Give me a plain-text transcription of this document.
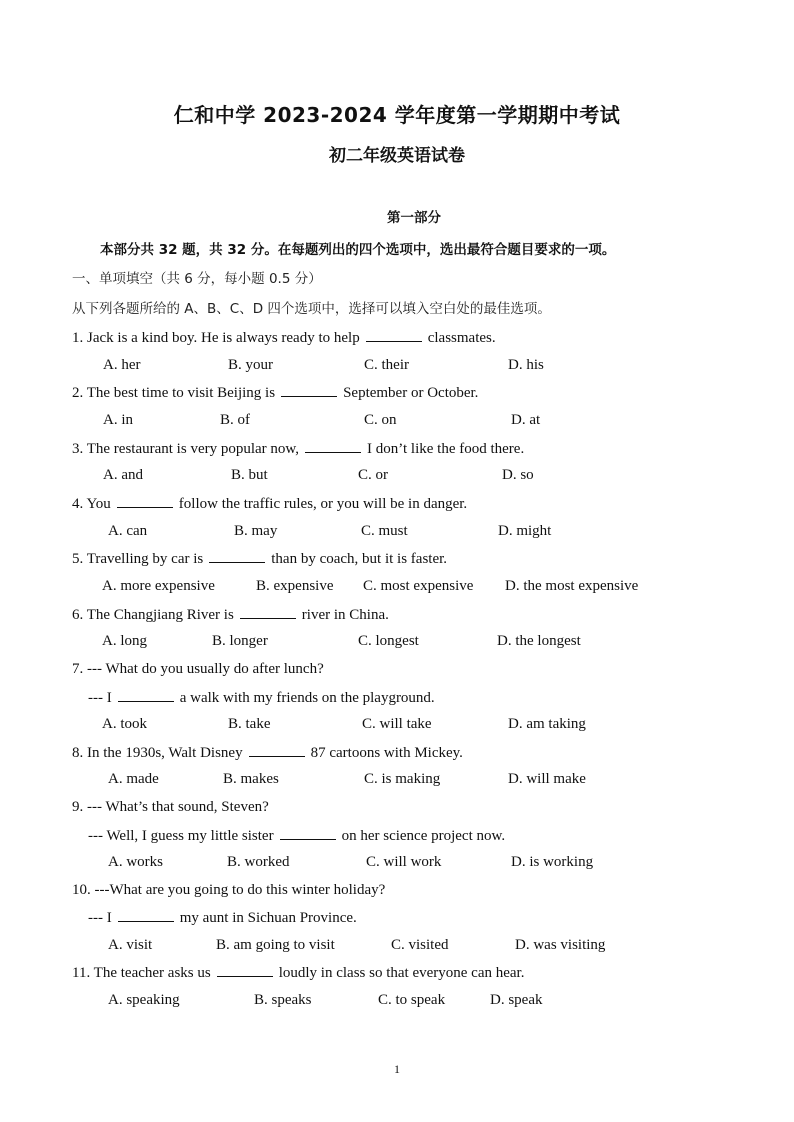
仁和中学 2023-2024 学年度第一学期期中考试
初二年级英语试卷
第一部分
本部分共 32 题，共 32 分。在每题列出的四个选项中，选出最符合题目要求的一项。
一、单项填空（共 6 分，每小题 0.5 分）
从下列各题所给的 A、B、C、D 四个选项中，选择可以填入空白处的最佳选项。
1. Jack is a kind boy. He is always ready to help	classmates.
A. her	B. your	C. their	D. his
2. The best time to visit Beijing is	September or October.
A. in	B. of	C. on	D. at
3. The restaurant is very popular now,	I don’t like the food there.
A. and	B. but	C. or	D. so
4. You	follow the traffic rules, or you will be in danger.
A. can	B. may	C. must	D. might
5. Travelling by car is	than by coach, but it is faster.
A. more expensive	B. expensive C. most expensive D. the most expensive
6. The Changjiang River is	river in China.
A. long	B. longer	C. longest	D. the longest
7. --- What do you usually do after lunch?
--- I	a walk with my friends on the playground.
A. took	B. take	C. will take	D. am taking
8. In the 1930s, Walt Disney	87 cartoons with Mickey.
A. made	B. makes	C. is making	D. will make
9. --- What’s that sound, Steven?
--- Well, I guess my little sister	on her science project now.
A. works	B. worked	C. will work	D. is working
10. ---What are you going to do this winter holiday?
--- I	my aunt in Sichuan Province.
A. visit	B. am going to visit	C. visited	D. was visiting
11. The teacher asks us	loudly in class so that everyone can hear.
A. speaking	B. speaks	C. to speak	D. speak
1
